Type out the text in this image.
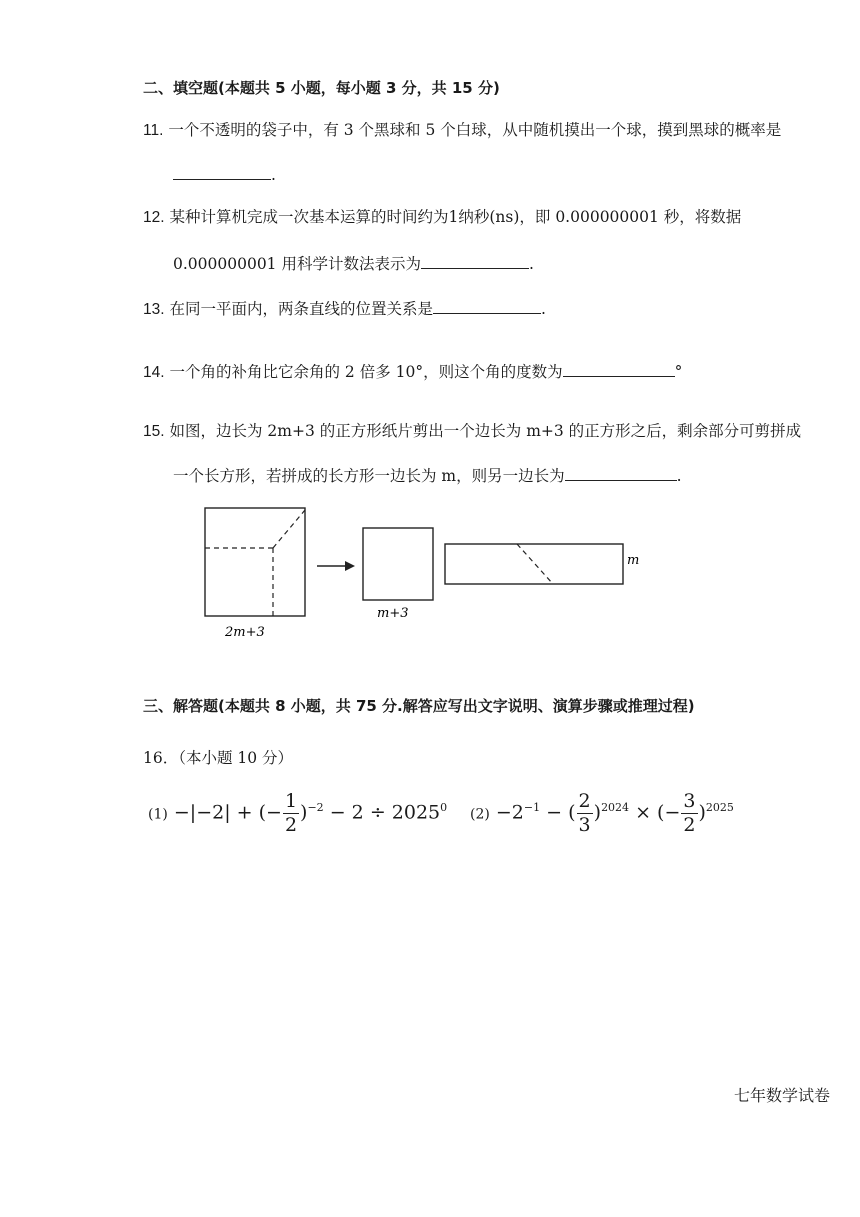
二、填空题(本题共 5 小题，每小题 3 分，共 15 分)
11. 一个不透明的袋子中，有 3 个黑球和 5 个白球，从中随机摸出一个球，摸到黑球的概率是
.
12. 某种计算机完成一次基本运算的时间约为1纳秒(ns)，即 0.000000001 秒，将数据
0.000000001 用科学计数法表示为	.
13. 在同一平面内，两条直线的位置关系是	.
14. 一个角的补角比它余角的 2 倍多 10°，则这个角的度数为	°
15. 如图，边长为 2m+3 的正方形纸片剪出一个边长为 m+3 的正方形之后，剩余部分可剪拼成
一个长方形，若拼成的长方形一边长为 m，则另一边长为	.
2m+3
m+3
m
三、解答题(本题共 8 小题，共 75 分.解答应写出文字说明、演算步骤或推理过程)
16．（本小题 10 分）
(1) −|−2| + (− $\frac{1}{2} )^{-2} - 2 \div 2025^0$ $(2) -2^{-1}$ − ( $\frac{2}{3} )^{2024}$ × (− $\frac{3}{2} )^{2025}$
七年数学试卷
